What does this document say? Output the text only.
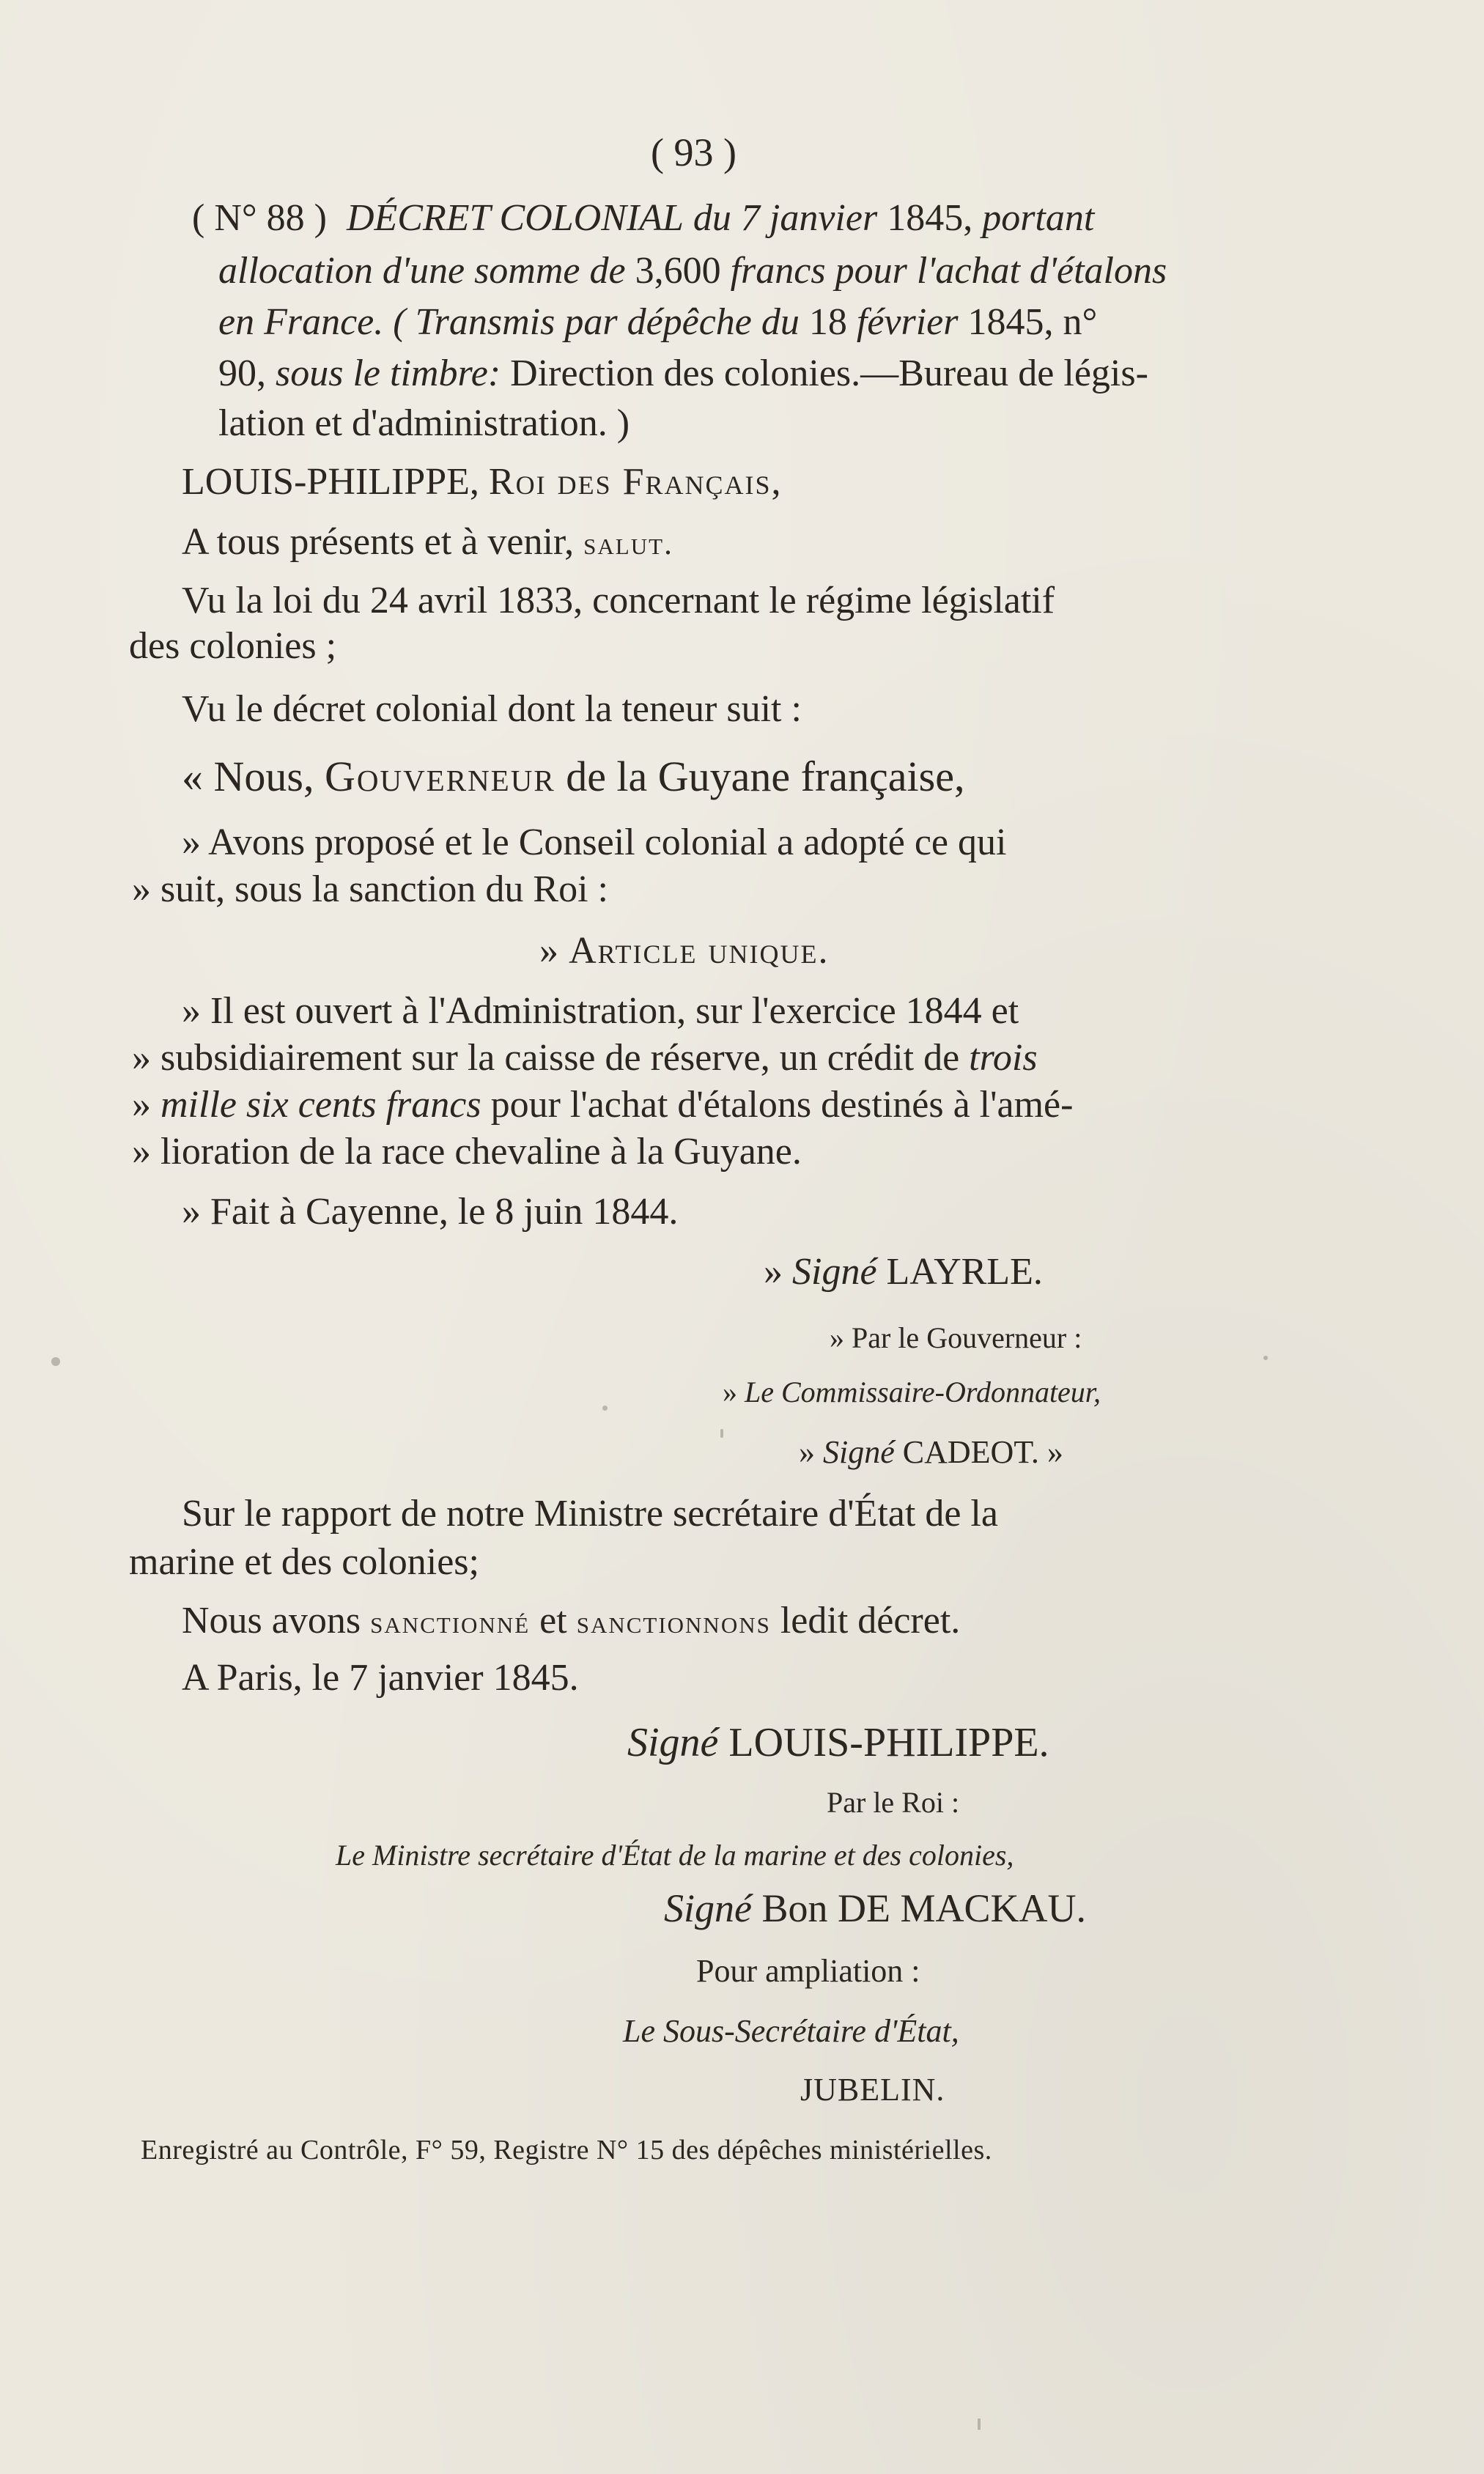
( 93 )
( N° 88 ) DÉCRET COLONIAL du 7 janvier 1845, portant
allocation d'une somme de 3,600 francs pour l'achat d'étalons
en France. ( Transmis par dépêche du 18 février 1845, n°
90, sous le timbre: Direction des colonies.—Bureau de légis-
lation et d'administration. )
LOUIS-PHILIPPE, Roi des Français,
A tous présents et à venir, salut.
Vu la loi du 24 avril 1833, concernant le régime législatif
des colonies ;
Vu le décret colonial dont la teneur suit :
« Nous, Gouverneur de la Guyane française,
» Avons proposé et le Conseil colonial a adopté ce qui
» suit, sous la sanction du Roi :
» Article unique.
» Il est ouvert à l'Administration, sur l'exercice 1844 et
» subsidiairement sur la caisse de réserve, un crédit de trois
» mille six cents francs pour l'achat d'étalons destinés à l'amé-
» lioration de la race chevaline à la Guyane.
» Fait à Cayenne, le 8 juin 1844.
» Signé LAYRLE.
» Par le Gouverneur :
» Le Commissaire-Ordonnateur,
» Signé CADEOT. »
Sur le rapport de notre Ministre secrétaire d'État de la
marine et des colonies;
Nous avons sanctionné et sanctionnons ledit décret.
A Paris, le 7 janvier 1845.
Signé LOUIS-PHILIPPE.
Par le Roi :
Le Ministre secrétaire d'État de la marine et des colonies,
Signé Bon DE MACKAU.
Pour ampliation :
Le Sous-Secrétaire d'État,
JUBELIN.
Enregistré au Contrôle, F° 59, Registre N° 15 des dépêches ministérielles.
